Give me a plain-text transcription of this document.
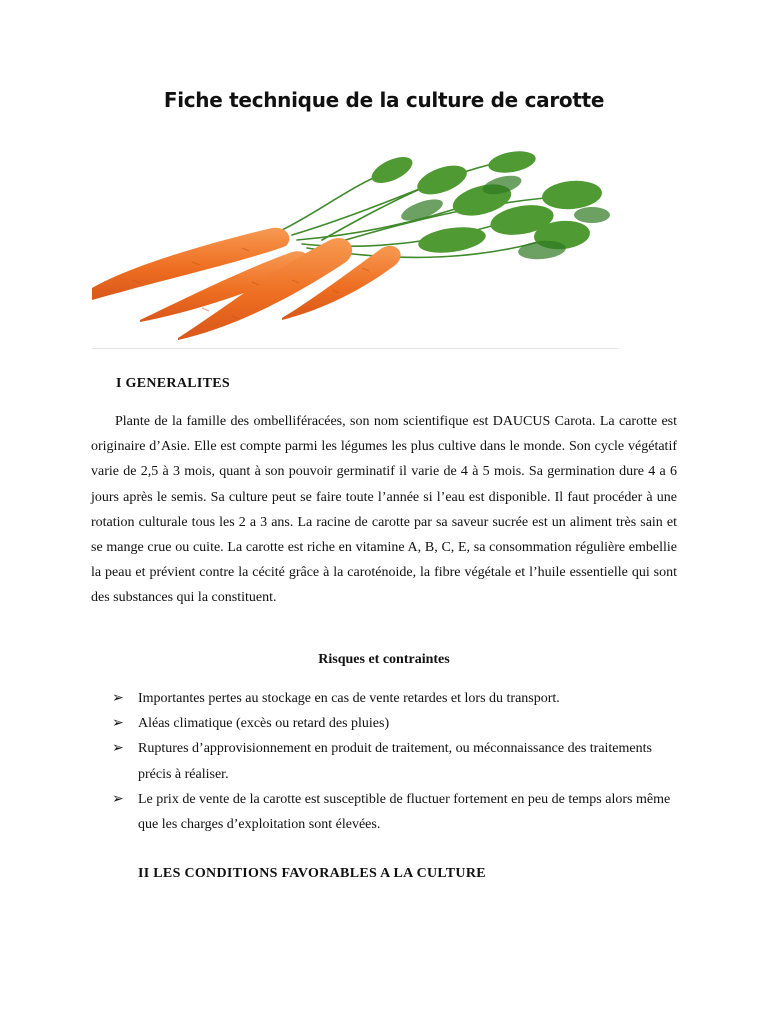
Fiche technique de la culture de carotte
I GENERALITES
Plante de la famille des ombelliféracées, son nom scientifique est DAUCUS Carota. La carotte est originaire d’Asie. Elle est compte parmi les légumes les plus cultive dans le monde. Son cycle végétatif varie de 2,5 à 3 mois, quant à son pouvoir germinatif il varie de 4 à 5 mois. Sa germination dure 4 a 6 jours après le semis. Sa culture peut se faire toute l’année si l’eau est disponible. Il faut procéder à une rotation culturale tous les 2 a 3 ans. La racine de carotte par sa saveur sucrée est un aliment très sain et se mange crue ou cuite. La carotte est riche en vitamine A, B, C, E, sa consommation régulière embellie la peau et prévient contre la cécité grâce à la caroténoide, la fibre végétale et l’huile essentielle qui sont des substances qui la constituent.
Risques et contraintes
➢ Importantes pertes au stockage en cas de vente retardes et lors du transport.
➢ Aléas climatique (excès ou retard des pluies)
➢ Ruptures d’approvisionnement en produit de traitement, ou méconnaissance des traitements précis à réaliser.
➢ Le prix de vente de la carotte est susceptible de fluctuer fortement en peu de temps alors même que les charges d’exploitation sont élevées.
II LES CONDITIONS FAVORABLES A LA CULTURE
